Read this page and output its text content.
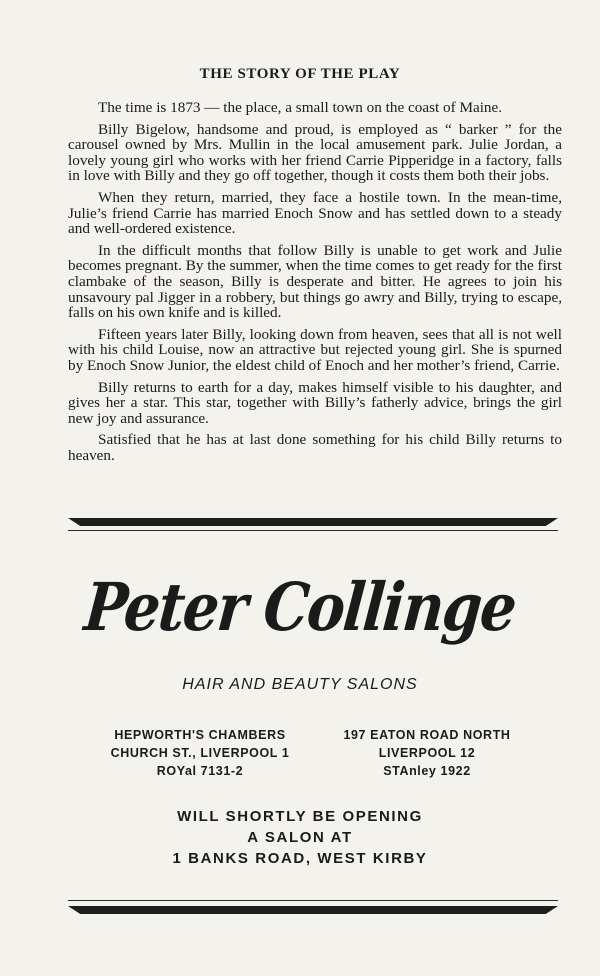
THE STORY OF THE PLAY

The time is 1873 — the place, a small town on the coast of Maine.

Billy Bigelow, handsome and proud, is employed as “ barker ” for the carousel owned by Mrs. Mullin in the local amusement park. Julie Jordan, a lovely young girl who works with her friend Carrie Pipperidge in a factory, falls in love with Billy and they go off together, though it costs them both their jobs.

When they return, married, they face a hostile town. In the mean-time, Julie’s friend Carrie has married Enoch Snow and has settled down to a steady and well-ordered existence.

In the difficult months that follow Billy is unable to get work and Julie becomes pregnant. By the summer, when the time comes to get ready for the first clambake of the season, Billy is desperate and bitter. He agrees to join his unsavoury pal Jigger in a robbery, but things go awry and Billy, trying to escape, falls on his own knife and is killed.

Fifteen years later Billy, looking down from heaven, sees that all is not well with his child Louise, now an attractive but rejected young girl. She is spurned by Enoch Snow Junior, the eldest child of Enoch and her mother’s friend, Carrie.

Billy returns to earth for a day, makes himself visible to his daughter, and gives her a star. This star, together with Billy’s fatherly advice, brings the girl new joy and assurance.

Satisfied that he has at last done something for his child Billy returns to heaven.

Peter Collinge
HAIR AND BEAUTY SALONS
HEPWORTH'S CHAMBERS
CHURCH ST., LIVERPOOL 1
ROYal 7131-2
197 EATON ROAD NORTH
LIVERPOOL 12
STAnley 1922
WILL SHORTLY BE OPENING
A SALON AT
1 BANKS ROAD, WEST KIRBY
